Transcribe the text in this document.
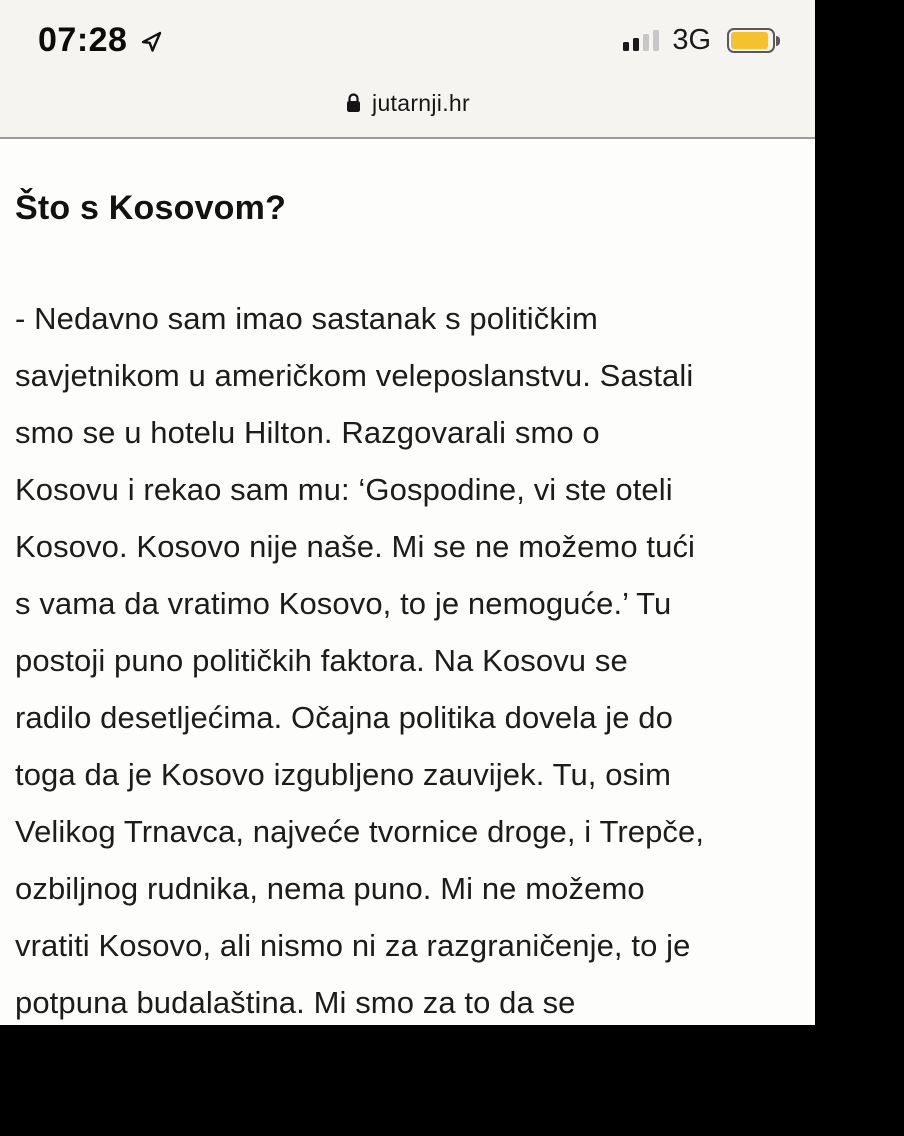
07:28	3G
jutarnji.hr
Što s Kosovom?
- Nedavno sam imao sastanak s političkim
savjetnikom u američkom veleposlanstvu. Sastali
smo se u hotelu Hilton. Razgovarali smo o
Kosovu i rekao sam mu: ‘Gospodine, vi ste oteli
Kosovo. Kosovo nije naše. Mi se ne možemo tući
s vama da vratimo Kosovo, to je nemoguće.’ Tu
postoji puno političkih faktora. Na Kosovu se
radilo desetljećima. Očajna politika dovela je do
toga da je Kosovo izgubljeno zauvijek. Tu, osim
Velikog Trnavca, najveće tvornice droge, i Trepče,
ozbiljnog rudnika, nema puno. Mi ne možemo
vratiti Kosovo, ali nismo ni za razgraničenje, to je
potpuna budalaština. Mi smo za to da se
